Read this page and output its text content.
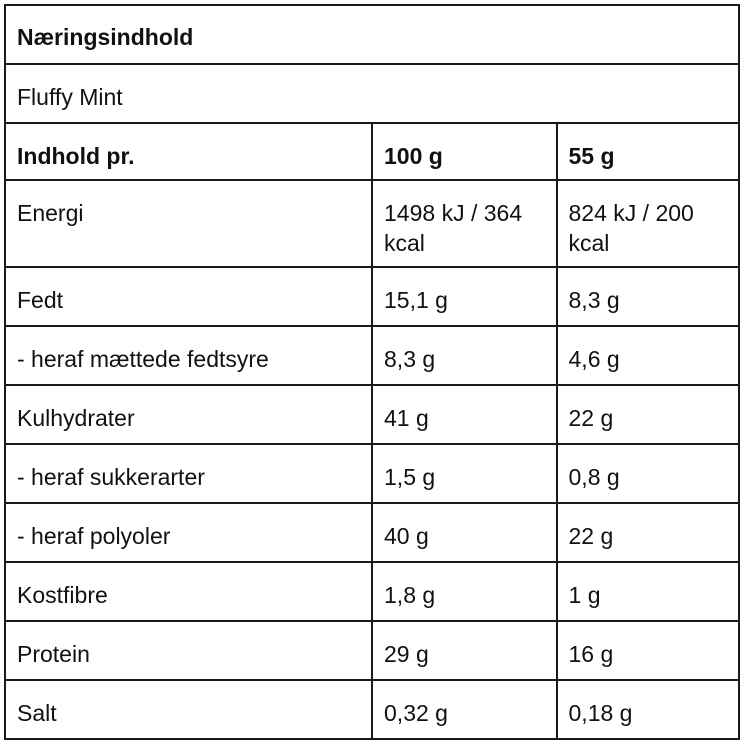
Næringsindhold		

Fluffy Mint		

Indhold pr.	100 g	55 g

Energi	1498 kJ / 364 kcal	824 kJ / 200 kcal

Fedt	15,1 g	8,3 g

- heraf mættede fedtsyre	8,3 g	4,6 g

Kulhydrater	41 g	22 g

- heraf sukkerarter	1,5 g	0,8 g

- heraf polyoler	40 g	22 g

Kostfibre	1,8 g	1 g

Protein	29 g	16 g

Salt	0,32 g	0,18 g
